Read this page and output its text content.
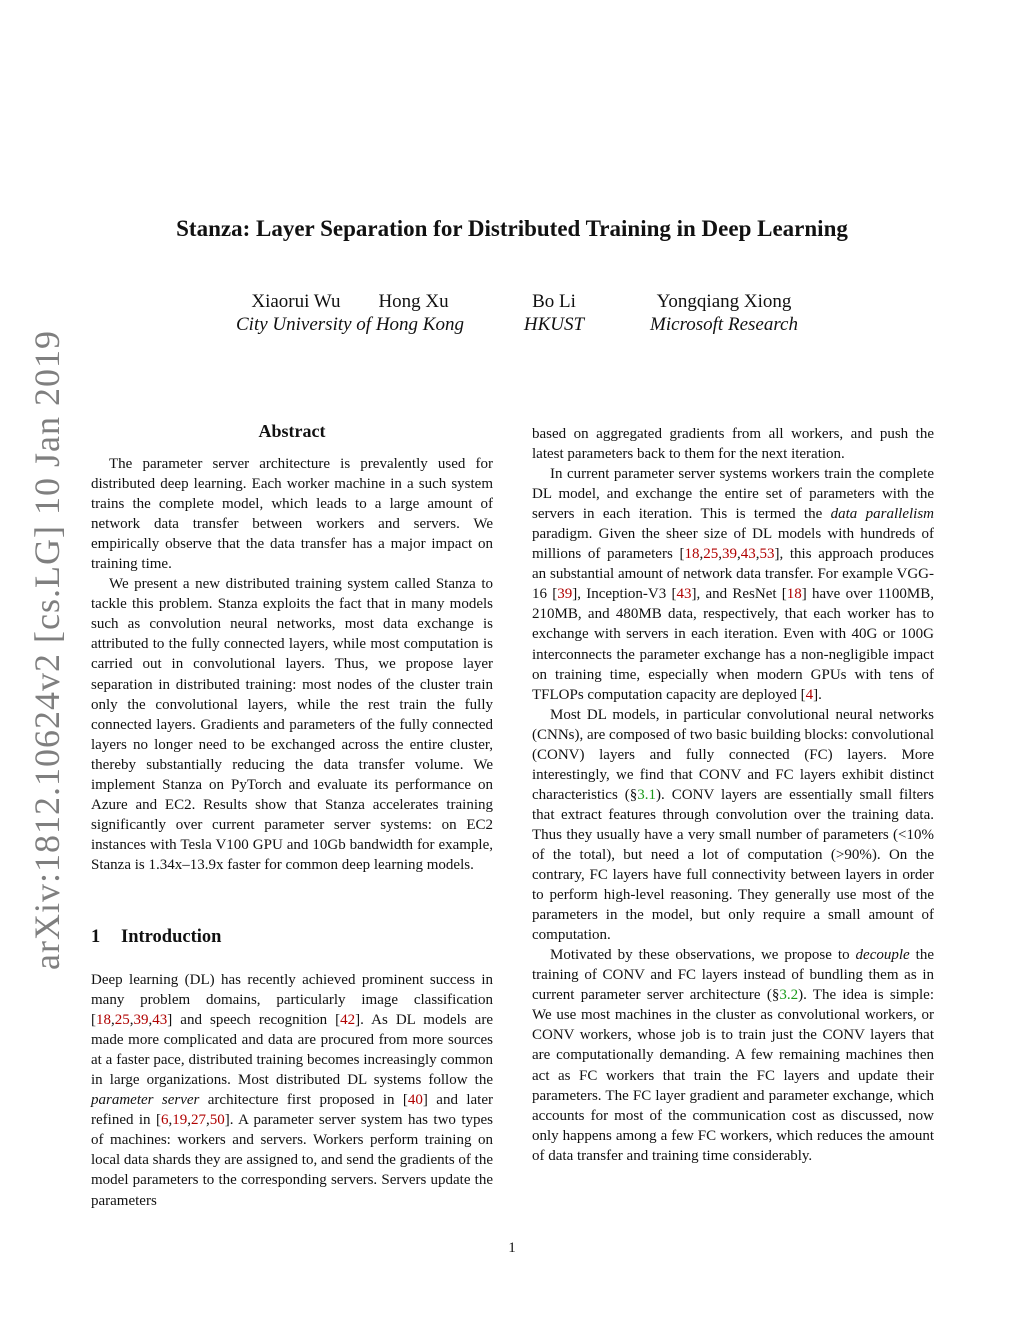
arXiv:1812.10624v2 [cs.LG] 10 Jan 2019
Stanza: Layer Separation for Distributed Training in Deep Learning
Xiaorui Wu        Hong Xu
City University of Hong Kong
Bo Li
HKUST
Yongqiang Xiong
Microsoft Research
Abstract

The parameter server architecture is prevalently used for distributed deep learning. Each worker machine in a such system trains the complete model, which leads to a large amount of network data transfer between workers and servers. We empirically observe that the data transfer has a major impact on training time.

We present a new distributed training system called Stanza to tackle this problem. Stanza exploits the fact that in many models such as convolution neural networks, most data exchange is attributed to the fully connected layers, while most computation is carried out in convolutional layers. Thus, we propose layer separation in distributed training: most nodes of the cluster train only the convolutional layers, while the rest train the fully connected layers. Gradients and parameters of the fully connected layers no longer need to be exchanged across the entire cluster, thereby substantially reducing the data transfer volume. We implement Stanza on PyTorch and evaluate its performance on Azure and EC2. Results show that Stanza accelerates training significantly over current parameter server systems: on EC2 instances with Tesla V100 GPU and 10Gb bandwidth for example, Stanza is 1.34x–13.9x faster for common deep learning models.

1 Introduction

Deep learning (DL) has recently achieved prominent success in many problem domains, particularly image classification [18,25,39,43] and speech recognition [42]. As DL models are made more complicated and data are procured from more sources at a faster pace, distributed training becomes increasingly common in large organizations. Most distributed DL systems follow the parameter server architecture first proposed in [40] and later refined in [6,19,27,50]. A parameter server system has two types of machines: workers and servers. Workers perform training on local data shards they are assigned to, and send the gradients of the model parameters to the corresponding servers. Servers update the parameters

based on aggregated gradients from all workers, and push the latest parameters back to them for the next iteration.

In current parameter server systems workers train the complete DL model, and exchange the entire set of parameters with the servers in each iteration. This is termed the data parallelism paradigm. Given the sheer size of DL models with hundreds of millions of parameters [18,25,39,43,53], this approach produces an substantial amount of network data transfer. For example VGG-16 [39], Inception-V3 [43], and ResNet [18] have over 1100MB, 210MB, and 480MB data, respectively, that each worker has to exchange with servers in each iteration. Even with 40G or 100G interconnects the parameter exchange has a non-negligible impact on training time, especially when modern GPUs with tens of TFLOPs computation capacity are deployed [4].

Most DL models, in particular convolutional neural networks (CNNs), are composed of two basic building blocks: convolutional (CONV) layers and fully connected (FC) layers. More interestingly, we find that CONV and FC layers exhibit distinct characteristics (§3.1). CONV layers are essentially small filters that extract features through convolution over the training data. Thus they usually have a very small number of parameters (<10% of the total), but need a lot of computation (>90%). On the contrary, FC layers have full connectivity between layers in order to perform high-level reasoning. They generally use most of the parameters in the model, but only require a small amount of computation.

Motivated by these observations, we propose to decouple the training of CONV and FC layers instead of bundling them as in current parameter server architecture (§3.2). The idea is simple: We use most machines in the cluster as convolutional workers, or CONV workers, whose job is to train just the CONV layers that are computationally demanding. A few remaining machines then act as FC workers that train the FC layers and update their parameters. The FC layer gradient and parameter exchange, which accounts for most of the communication cost as discussed, now only happens among a few FC workers, which reduces the amount of data transfer and training time considerably.

1
